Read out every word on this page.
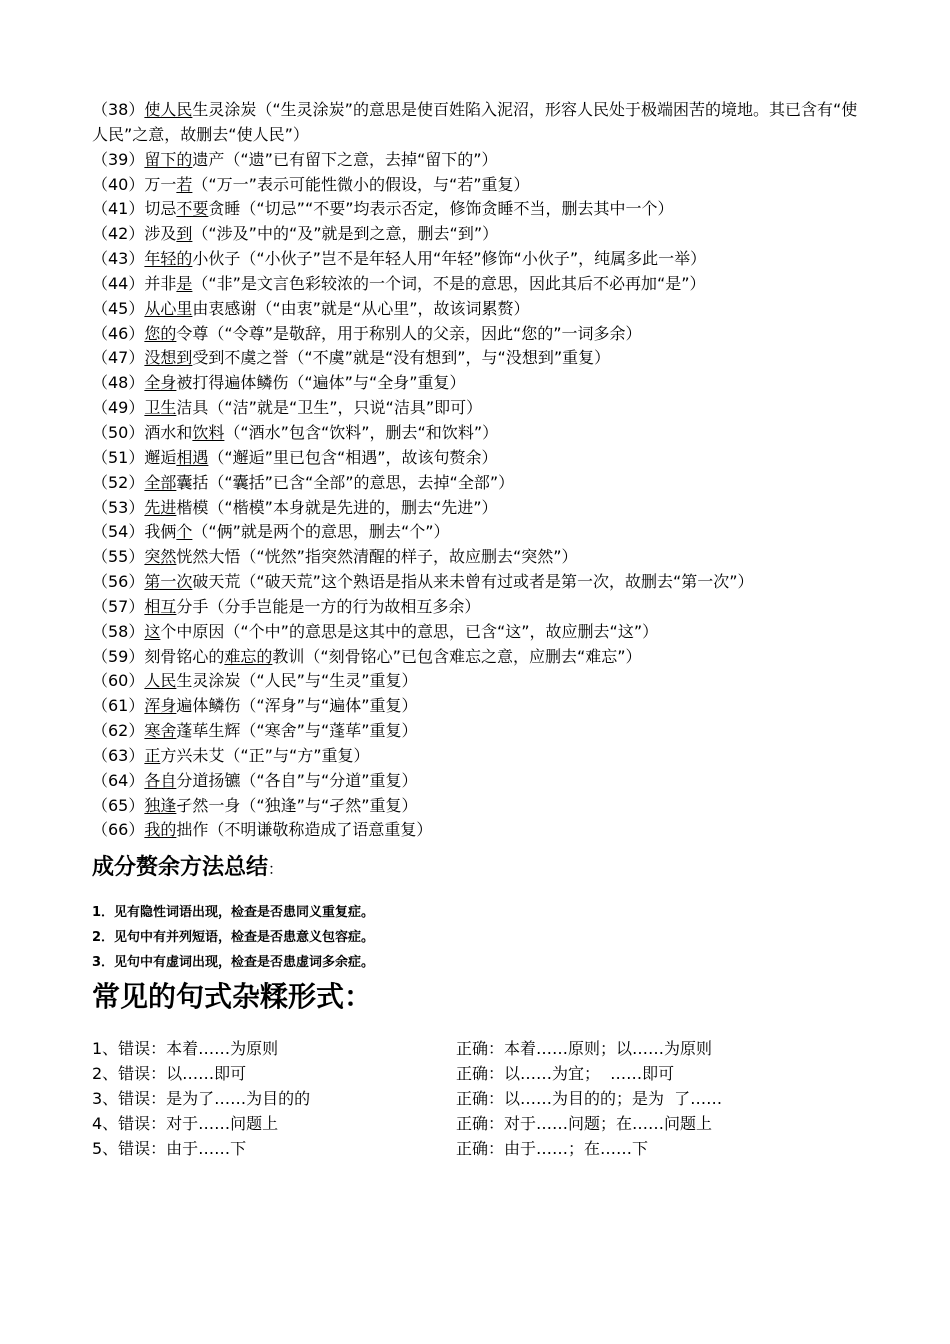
（38）使人民生灵涂炭（“生灵涂炭”的意思是使百姓陷入泥沼，形容人民处于极端困苦的境地。其已含有“使人民”之意，故删去“使人民”）
（39）留下的遗产（“遗”已有留下之意，去掉“留下的”）
（40）万一若（“万一”表示可能性微小的假设，与“若”重复）
（41）切忌不要贪睡（“切忌”“不要”均表示否定，修饰贪睡不当，删去其中一个）
（42）涉及到（“涉及”中的“及”就是到之意，删去“到”）
（43）年轻的小伙子（“小伙子”岂不是年轻人用“年轻”修饰“小伙子”，纯属多此一举）
（44）并非是（“非”是文言色彩较浓的一个词，不是的意思，因此其后不必再加“是”）
（45）从心里由衷感谢（“由衷”就是“从心里”，故该词累赘）
（46）您的令尊（“令尊”是敬辞，用于称别人的父亲，因此“您的”一词多余）
（47）没想到受到不虞之誉（“不虞”就是“没有想到”，与“没想到”重复）
（48）全身被打得遍体鳞伤（“遍体”与“全身”重复）
（49）卫生洁具（“洁”就是“卫生”，只说“洁具”即可）
（50）酒水和饮料（“酒水”包含“饮料”，删去“和饮料”）
（51）邂逅相遇（“邂逅”里已包含“相遇”，故该句赘余）
（52）全部囊括（“囊括”已含“全部”的意思，去掉“全部”）
（53）先进楷模（“楷模”本身就是先进的，删去“先进”）
（54）我俩个（“俩”就是两个的意思，删去“个”）
（55）突然恍然大悟（“恍然”指突然清醒的样子，故应删去“突然”）
（56）第一次破天荒（“破天荒”这个熟语是指从来未曾有过或者是第一次，故删去“第一次”）
（57）相互分手（分手岂能是一方的行为故相互多余）
（58）这个中原因（“个中”的意思是这其中的意思，已含“这”，故应删去“这”）
（59）刻骨铭心的难忘的教训（“刻骨铭心”已包含难忘之意，应删去“难忘”）
（60）人民生灵涂炭（“人民”与“生灵”重复）
（61）浑身遍体鳞伤（“浑身”与“遍体”重复）
（62）寒舍蓬荜生辉（“寒舍”与“蓬荜”重复）
（63）正方兴未艾（“正”与“方”重复）
（64）各自分道扬镳（“各自”与“分道”重复）
（65）独逢孑然一身（“独逢”与“孑然”重复）
（66）我的拙作（不明谦敬称造成了语意重复）
成分赘余方法总结：
1．见有隐性词语出现，检查是否患同义重复症。
2．见句中有并列短语，检查是否患意义包容症。
3．见句中有虚词出现，检查是否患虚词多余症。
常见的句式杂糅形式：
1、错误：本着……为原则	正确：本着……原则；以……为原则
2、错误：以……即可	正确：以……为宜；  ……即可
3、错误：是为了……为目的的	正确：以……为目的的；是为  了……
4、错误：对于……问题上	正确：对于……问题；在……问题上
5、错误：由于……下	正确：由于……；在……下
